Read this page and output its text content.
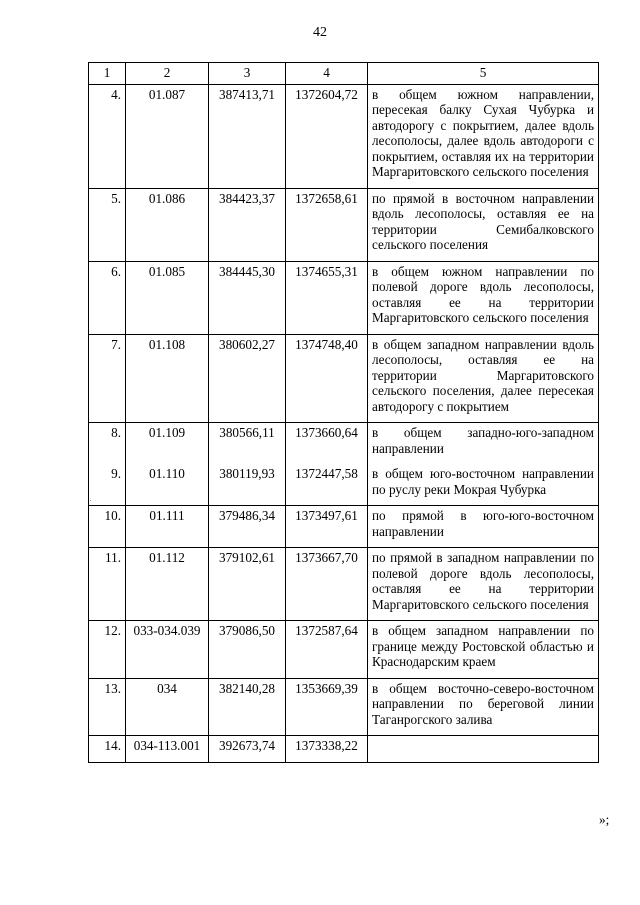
42
1	2	3	4	5
4.	01.087	387413,71	1372604,72	в общем южном направлении, пересекая балку Сухая Чубурка и автодорогу с покрытием, далее вдоль лесополосы, далее вдоль автодороги с покрытием, оставляя их на территории Маргаритовского сельского поселения
5.	01.086	384423,37	1372658,61	по прямой в восточном направлении вдоль лесополосы, оставляя ее на территории Семибалковского сельского поселения
6.	01.085	384445,30	1374655,31	в общем южном направлении по полевой дороге вдоль лесополосы, оставляя ее на территории Маргаритовского сельского поселения
7.	01.108	380602,27	1374748,40	в общем западном направлении вдоль лесополосы, оставляя ее на территории Маргаритовского сельского поселения, далее пересекая автодорогу с покрытием
8.	01.109	380566,11	1373660,64	в общем западно-юго-западном направлении
9.	01.110	380119,93	1372447,58	в общем юго-восточном направлении по руслу реки Мокрая Чубурка
10.	01.111	379486,34	1373497,61	по прямой в юго-юго-восточном направлении
11.	01.112	379102,61	1373667,70	по прямой в западном направлении по полевой дороге вдоль лесополосы, оставляя ее на территории Маргаритовского сельского поселения
12.	033-034.039	379086,50	1372587,64	в общем западном направлении по границе между Ростовской областью и Краснодарским краем
13.	034	382140,28	1353669,39	в общем восточно-северо-восточном направлении по береговой линии Таганрогского залива
14.	034-113.001	392673,74	1373338,22	
»;
